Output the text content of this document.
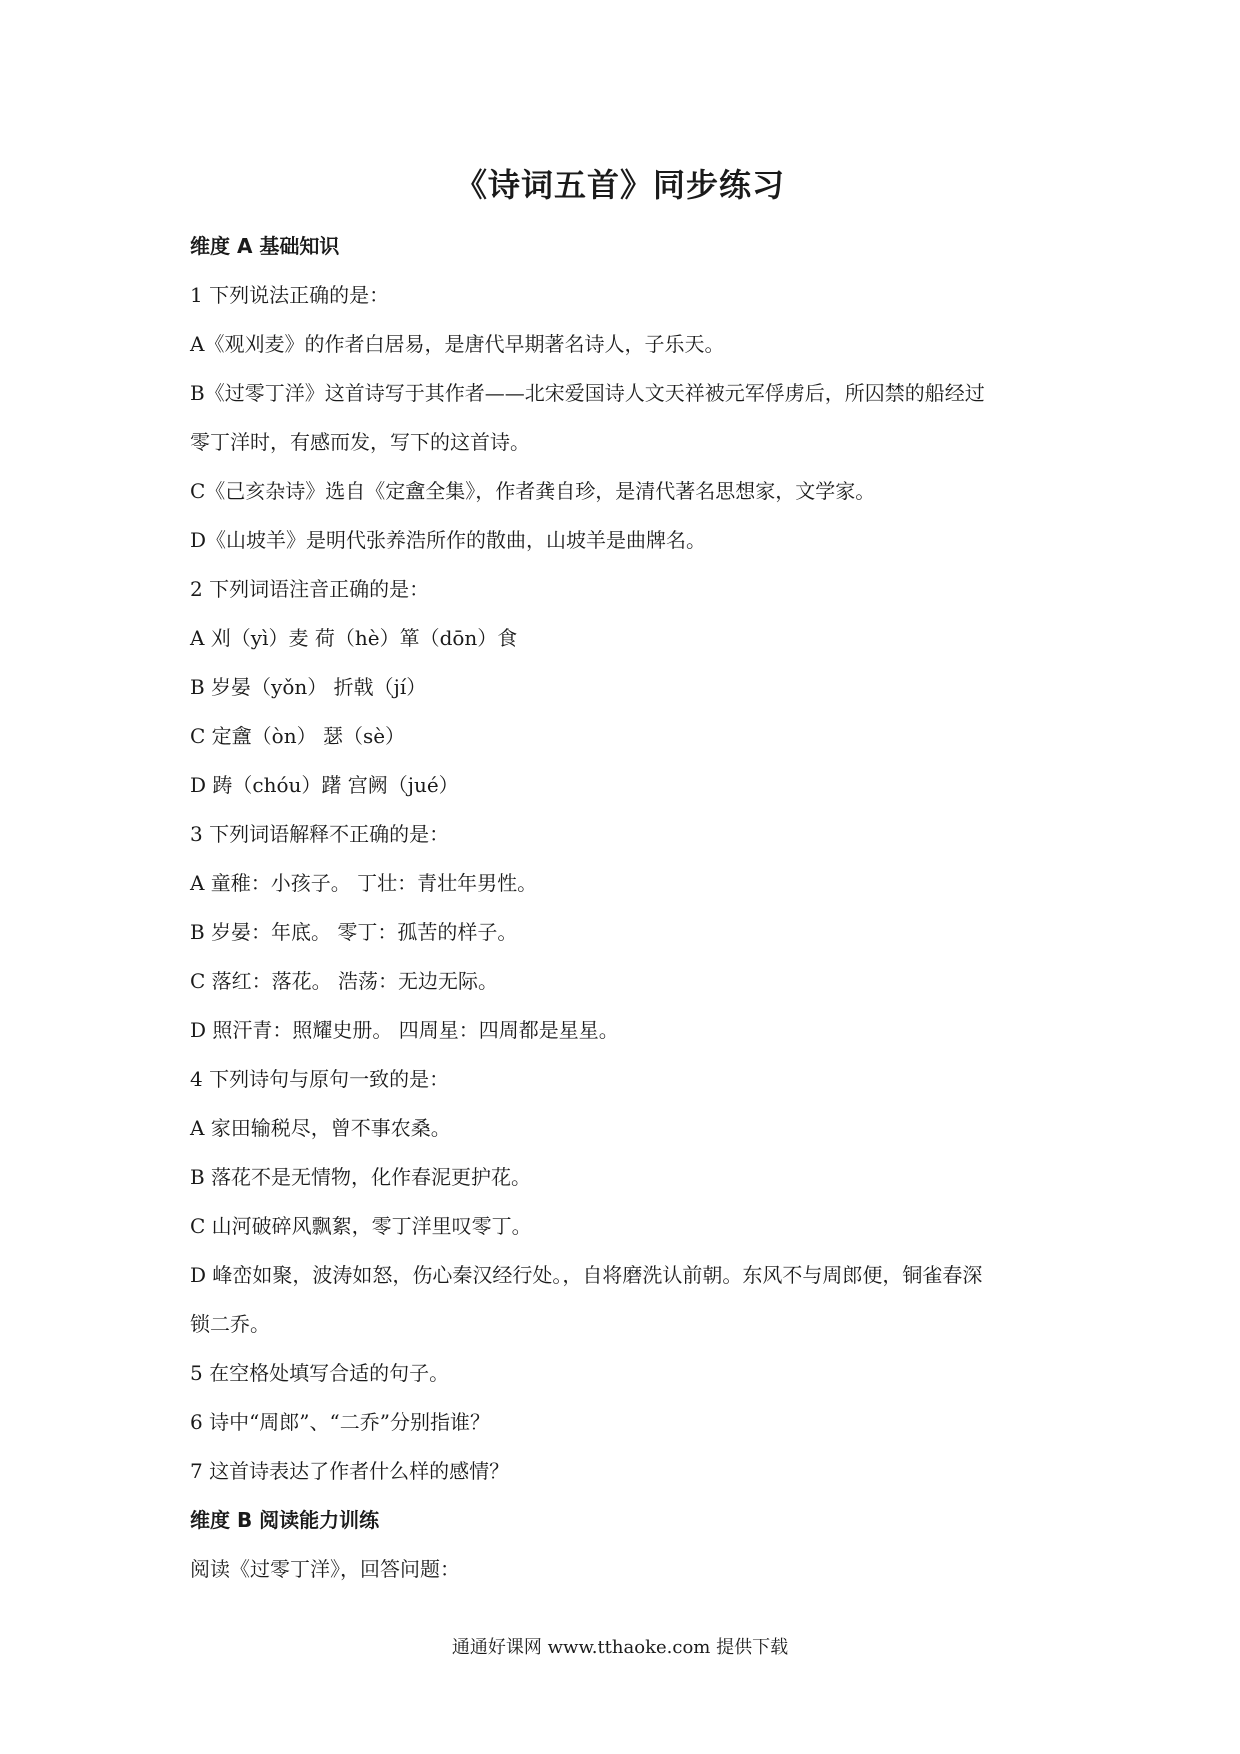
《诗词五首》同步练习
维度 A 基础知识
1 下列说法正确的是：
A《观刈麦》的作者白居易，是唐代早期著名诗人，子乐天。
B《过零丁洋》这首诗写于其作者——北宋爱国诗人文天祥被元军俘虏后，所囚禁的船经过
零丁洋时，有感而发，写下的这首诗。
C《己亥杂诗》选自《定盦全集》，作者龚自珍，是清代著名思想家，文学家。
D《山坡羊》是明代张养浩所作的散曲，山坡羊是曲牌名。
2 下列词语注音正确的是：
A 刈（yì）麦 荷（hè）箪（dōn）食
B 岁晏（yǒn） 折戟（jí）
C 定盦（òn） 瑟（sè）
D 踌（chóu）躇 宫阙（jué）
3 下列词语解释不正确的是：
A 童稚：小孩子。 丁壮：青壮年男性。
B 岁晏：年底。 零丁：孤苦的样子。
C 落红：落花。 浩荡：无边无际。
D 照汗青：照耀史册。 四周星：四周都是星星。
4 下列诗句与原句一致的是：
A 家田输税尽，曾不事农桑。
B 落花不是无情物，化作春泥更护花。
C 山河破碎风飘絮，零丁洋里叹零丁。
D 峰峦如聚，波涛如怒，伤心秦汉经行处。，自将磨洗认前朝。东风不与周郎便，铜雀春深
锁二乔。
5 在空格处填写合适的句子。
6 诗中“周郎”、“二乔”分别指谁？
7 这首诗表达了作者什么样的感情？
维度 B 阅读能力训练
阅读《过零丁洋》，回答问题：
通通好课网 www.tthaoke.com 提供下载
